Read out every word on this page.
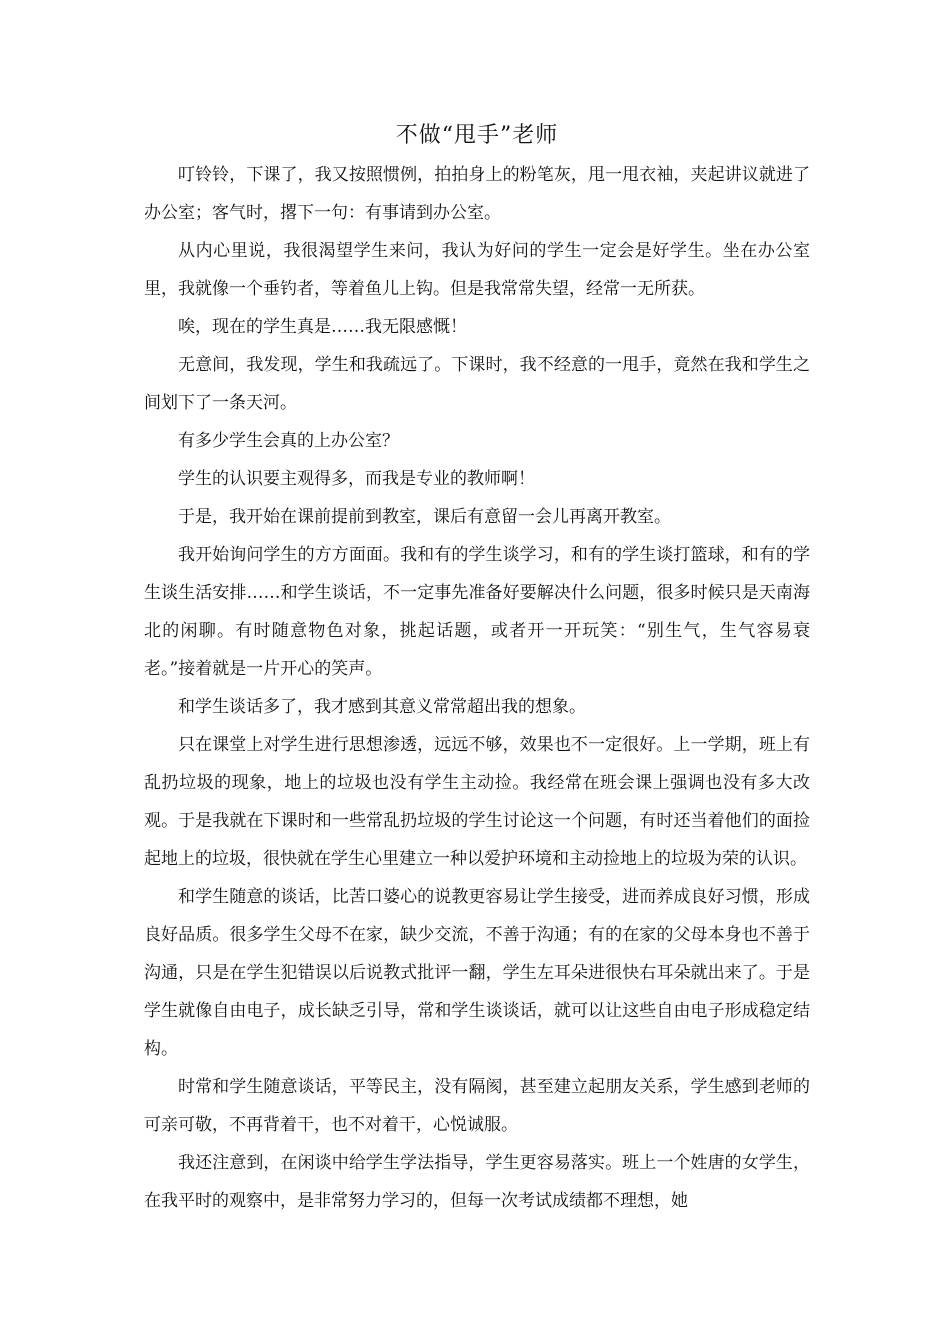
不做“甩手”老师

叮铃铃，下课了，我又按照惯例，拍拍身上的粉笔灰，甩一甩衣袖，夹起讲议就进了办公室；客气时，撂下一句：有事请到办公室。

从内心里说，我很渴望学生来问，我认为好问的学生一定会是好学生。坐在办公室里，我就像一个垂钓者，等着鱼儿上钩。但是我常常失望，经常一无所获。

唉，现在的学生真是……我无限感慨！

无意间，我发现，学生和我疏远了。下课时，我不经意的一甩手，竟然在我和学生之间划下了一条天河。

有多少学生会真的上办公室？

学生的认识要主观得多，而我是专业的教师啊！

于是，我开始在课前提前到教室，课后有意留一会儿再离开教室。

我开始询问学生的方方面面。我和有的学生谈学习，和有的学生谈打篮球，和有的学生谈生活安排……和学生谈话，不一定事先准备好要解决什么问题，很多时候只是天南海北的闲聊。有时随意物色对象，挑起话题，或者开一开玩笑：“别生气，生气容易衰老。”接着就是一片开心的笑声。

和学生谈话多了，我才感到其意义常常超出我的想象。

只在课堂上对学生进行思想渗透，远远不够，效果也不一定很好。上一学期，班上有乱扔垃圾的现象，地上的垃圾也没有学生主动捡。我经常在班会课上强调也没有多大改观。于是我就在下课时和一些常乱扔垃圾的学生讨论这一个问题，有时还当着他们的面捡起地上的垃圾，很快就在学生心里建立一种以爱护环境和主动捡地上的垃圾为荣的认识。

和学生随意的谈话，比苦口婆心的说教更容易让学生接受，进而养成良好习惯，形成良好品质。很多学生父母不在家，缺少交流，不善于沟通；有的在家的父母本身也不善于沟通，只是在学生犯错误以后说教式批评一翻，学生左耳朵进很快右耳朵就出来了。于是学生就像自由电子，成长缺乏引导，常和学生谈谈话，就可以让这些自由电子形成稳定结构。

时常和学生随意谈话，平等民主，没有隔阂，甚至建立起朋友关系，学生感到老师的可亲可敬，不再背着干，也不对着干，心悦诚服。

我还注意到，在闲谈中给学生学法指导，学生更容易落实。班上一个姓唐的女学生，在我平时的观察中，是非常努力学习的，但每一次考试成绩都不理想，她
